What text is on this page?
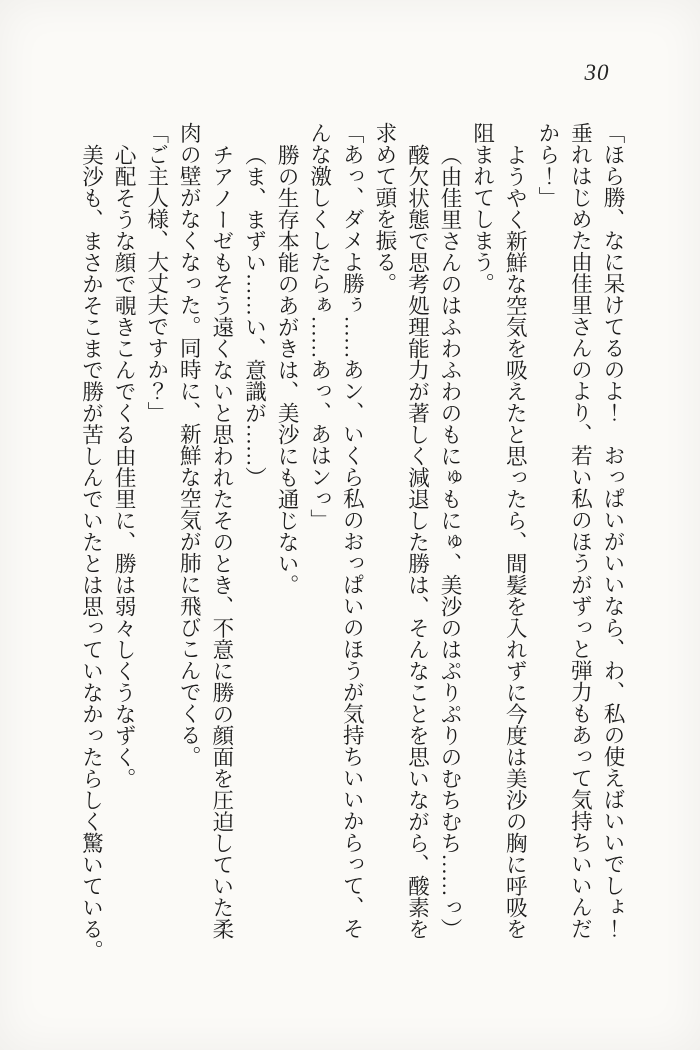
30

「ほら勝、なに呆けてるのよ！　おっぱいがいいなら、わ、私の使えばいいでしょ！

垂れはじめた由佳里さんのより、若い私のほうがずっと弾力もあって気持ちいいんだ

から！」

ようやく新鮮な空気を吸えたと思ったら、間髪を入れずに今度は美沙の胸に呼吸を

阻まれてしまう。

（由佳里さんのはふわふわのもにゅもにゅ、美沙のはぷりぷりのむちむち……っ）

酸欠状態で思考処理能力が著しく減退した勝は、そんなことを思いながら、酸素を

求めて頭を振る。

「あっ、ダメよ勝ぅ……あン、いくら私のおっぱいのほうが気持ちいいからって、そ

んな激しくしたらぁ……あっ、あはンっ」

勝の生存本能のあがきは、美沙にも通じない。

（ま、まずい……い、意識が……）

チアノーゼもそう遠くないと思われたそのとき、不意に勝の顔面を圧迫していた柔

肉の壁がなくなった。同時に、新鮮な空気が肺に飛びこんでくる。

「ご主人様、大丈夫ですか？」

心配そうな顔で覗きこんでくる由佳里に、勝は弱々しくうなずく。

美沙も、まさかそこまで勝が苦しんでいたとは思っていなかったらしく驚いている。
